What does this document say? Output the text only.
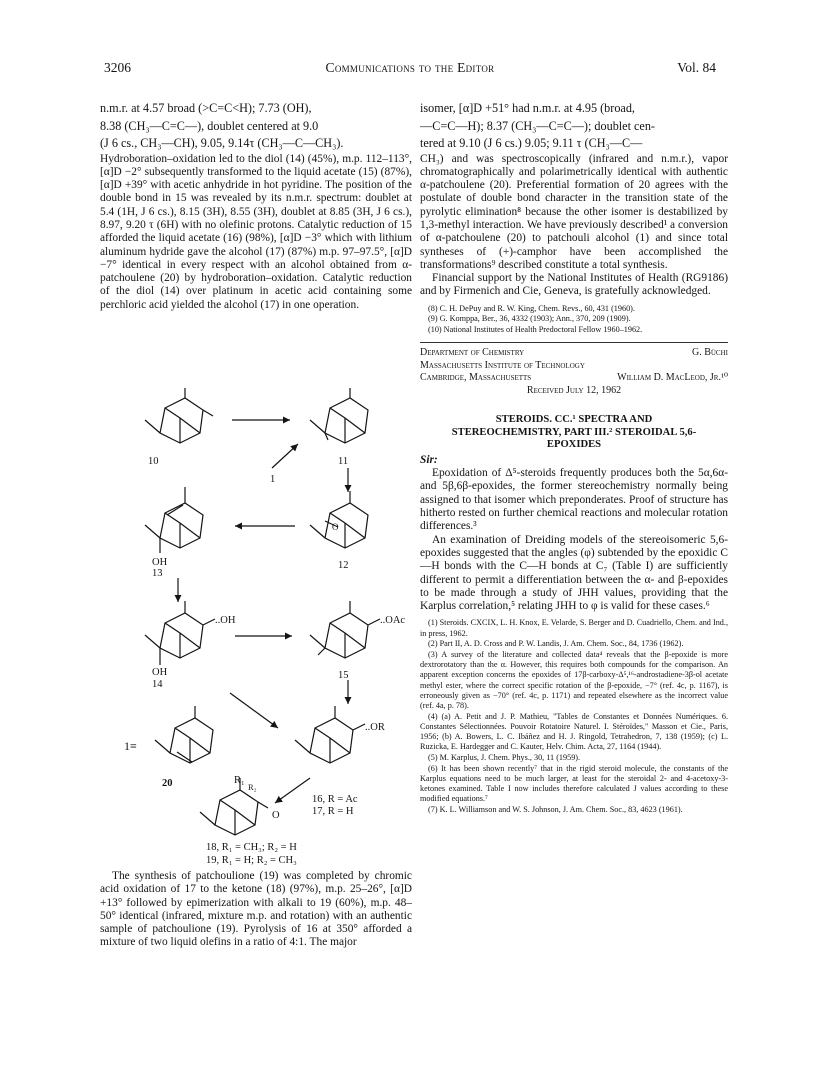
3206	Communications to the Editor	Vol. 84

n.m.r. at 4.57 broad (>C=C<H); 7.73 (OH),

8.38 (CH₃—C=C—), doublet centered at 9.0

(J 6 cs., CH₃—CH), 9.05, 9.14τ (CH₃—C—CH₃).

Hydroboration–oxidation led to the diol (14) (45%), m.p. 112–113°, [α]D −2° subsequently transformed to the liquid acetate (15) (87%), [α]D +39° with acetic anhydride in hot pyridine. The position of the double bond in 15 was revealed by its n.m.r. spectrum: doublet at 5.4 (1H, J 6 cs.), 8.15 (3H), 8.55 (3H), doublet at 8.85 (3H, J 6 cs.), 8.97, 9.20 τ (6H) with no olefinic protons. Catalytic reduction of 15 afforded the liquid acetate (16) (98%), [α]D −3° which with lithium aluminum hydride gave the alcohol (17) (87%) m.p. 97–97.5°, [α]D −7° identical in every respect with an alcohol obtained from α-patchoulene (20) by hydroboration–oxidation. Catalytic reduction of the diol (14) over platinum in acetic acid containing some perchloric acid yielded the alcohol (17) in one operation.

10
1
11
O
12
OH
13
..OH
OH
14
..OAc
15
..OR
1≡
20	R₁
R₂
O
16, R = Ac
17, R = H
18, R₁ = CH₃; R₂ = H
19, R₁ = H; R₂ = CH₃

The synthesis of patchoulione (19) was completed by chromic acid oxidation of 17 to the ketone (18) (97%), m.p. 25–26°, [α]D +13° followed by epimerization with alkali to 19 (60%), m.p. 48–50° identical (infrared, mixture m.p. and rotation) with an authentic sample of patchoulione (19). Pyrolysis of 16 at 350° afforded a mixture of two liquid olefins in a ratio of 4:1. The major

isomer, [α]D +51° had n.m.r. at 4.95 (broad,

—C=C—H); 8.37 (CH₃—C=C—); doublet cen-

tered at 9.10 (J 6 cs.) 9.05; 9.11 τ (CH₃—C—

CH₃) and was spectroscopically (infrared and n.m.r.), vapor chromatographically and polarimetrically identical with authentic α-patchoulene (20). Preferential formation of 20 agrees with the postulate of double bond character in the transition state of the pyrolytic elimination⁸ because the other isomer is destabilized by 1,3-methyl interaction. We have previously described¹ a conversion of α-patchoulene (20) to patchouli alcohol (1) and since total syntheses of (+)-camphor have been accomplished the transformations⁹ described constitute a total synthesis.

Financial support by the National Institutes of Health (RG9186) and by Firmenich and Cie, Geneva, is gratefully acknowledged.

(8) C. H. DePuy and R. W. King, Chem. Revs., 60, 431 (1960).

(9) G. Komppa, Ber., 36, 4332 (1903); Ann., 370, 209 (1909).

(10) National Institutes of Health Predoctoral Fellow 1960–1962.

Department of Chemistry	G. Büchi
Massachusetts Institute of Technology
Cambridge, Massachusetts	William D. MacLeod, Jr.¹⁰
Received July 12, 1962
STEROIDS. CC.¹ SPECTRA AND STEREOCHEMISTRY, PART III.² STEROIDAL 5,6-EPOXIDES

Sir:

Epoxidation of Δ⁵-steroids frequently produces both the 5α,6α- and 5β,6β-epoxides, the former stereochemistry normally being assigned to that isomer which preponderates. Proof of structure has hitherto rested on further chemical reactions and molecular rotation differences.³

An examination of Dreiding models of the stereoisomeric 5,6-epoxides suggested that the angles (φ) subtended by the epoxidic C—H bonds with the C—H bonds at C₇ (Table I) are sufficiently different to permit a differentiation between the α- and β-epoxides to be made through a study of JHH values, providing that the Karplus correlation,⁵ relating JHH to φ is valid for these cases.⁶

(1) Steroids. CXCIX, L. H. Knox, E. Velarde, S. Berger and D. Cuadriello, Chem. and Ind., in press, 1962.

(2) Part II, A. D. Cross and P. W. Landis, J. Am. Chem. Soc., 84, 1736 (1962).

(3) A survey of the literature and collected data⁴ reveals that the β-epoxide is more dextrorotatory than the α. However, this requires both compounds for the comparison. An apparent exception concerns the epoxides of 17β-carboxy-Δ⁵,¹⁶-androstadiene-3β-ol acetate methyl ester, where the correct specific rotation of the β-epoxide, −7° (ref. 4c, p. 1167), is erroneously given as −70° (ref. 4c, p. 1171) and repeated elsewhere as the incorrect value (ref. 4a, p. 78).

(4) (a) A. Petit and J. P. Mathieu, "Tables de Constantes et Données Numériques. 6. Constantes Sélectionnées. Pouvoir Rotatoire Naturel. I. Stéroïdes," Masson et Cie., Paris, 1956; (b) A. Bowers, L. C. Ibáñez and H. J. Ringold, Tetrahedron, 7, 138 (1959); (c) L. Ruzicka, E. Hardegger and C. Kauter, Helv. Chim. Acta, 27, 1164 (1944).

(5) M. Karplus, J. Chem. Phys., 30, 11 (1959).

(6) It has been shown recently⁷ that in the rigid steroid molecule, the constants of the Karplus equations need to be much larger, at least for the steroidal 2- and 4-acetoxy-3-ketones examined. Table I now includes therefore calculated J values according to these modified equations.⁷

(7) K. L. Williamson and W. S. Johnson, J. Am. Chem. Soc., 83, 4623 (1961).
